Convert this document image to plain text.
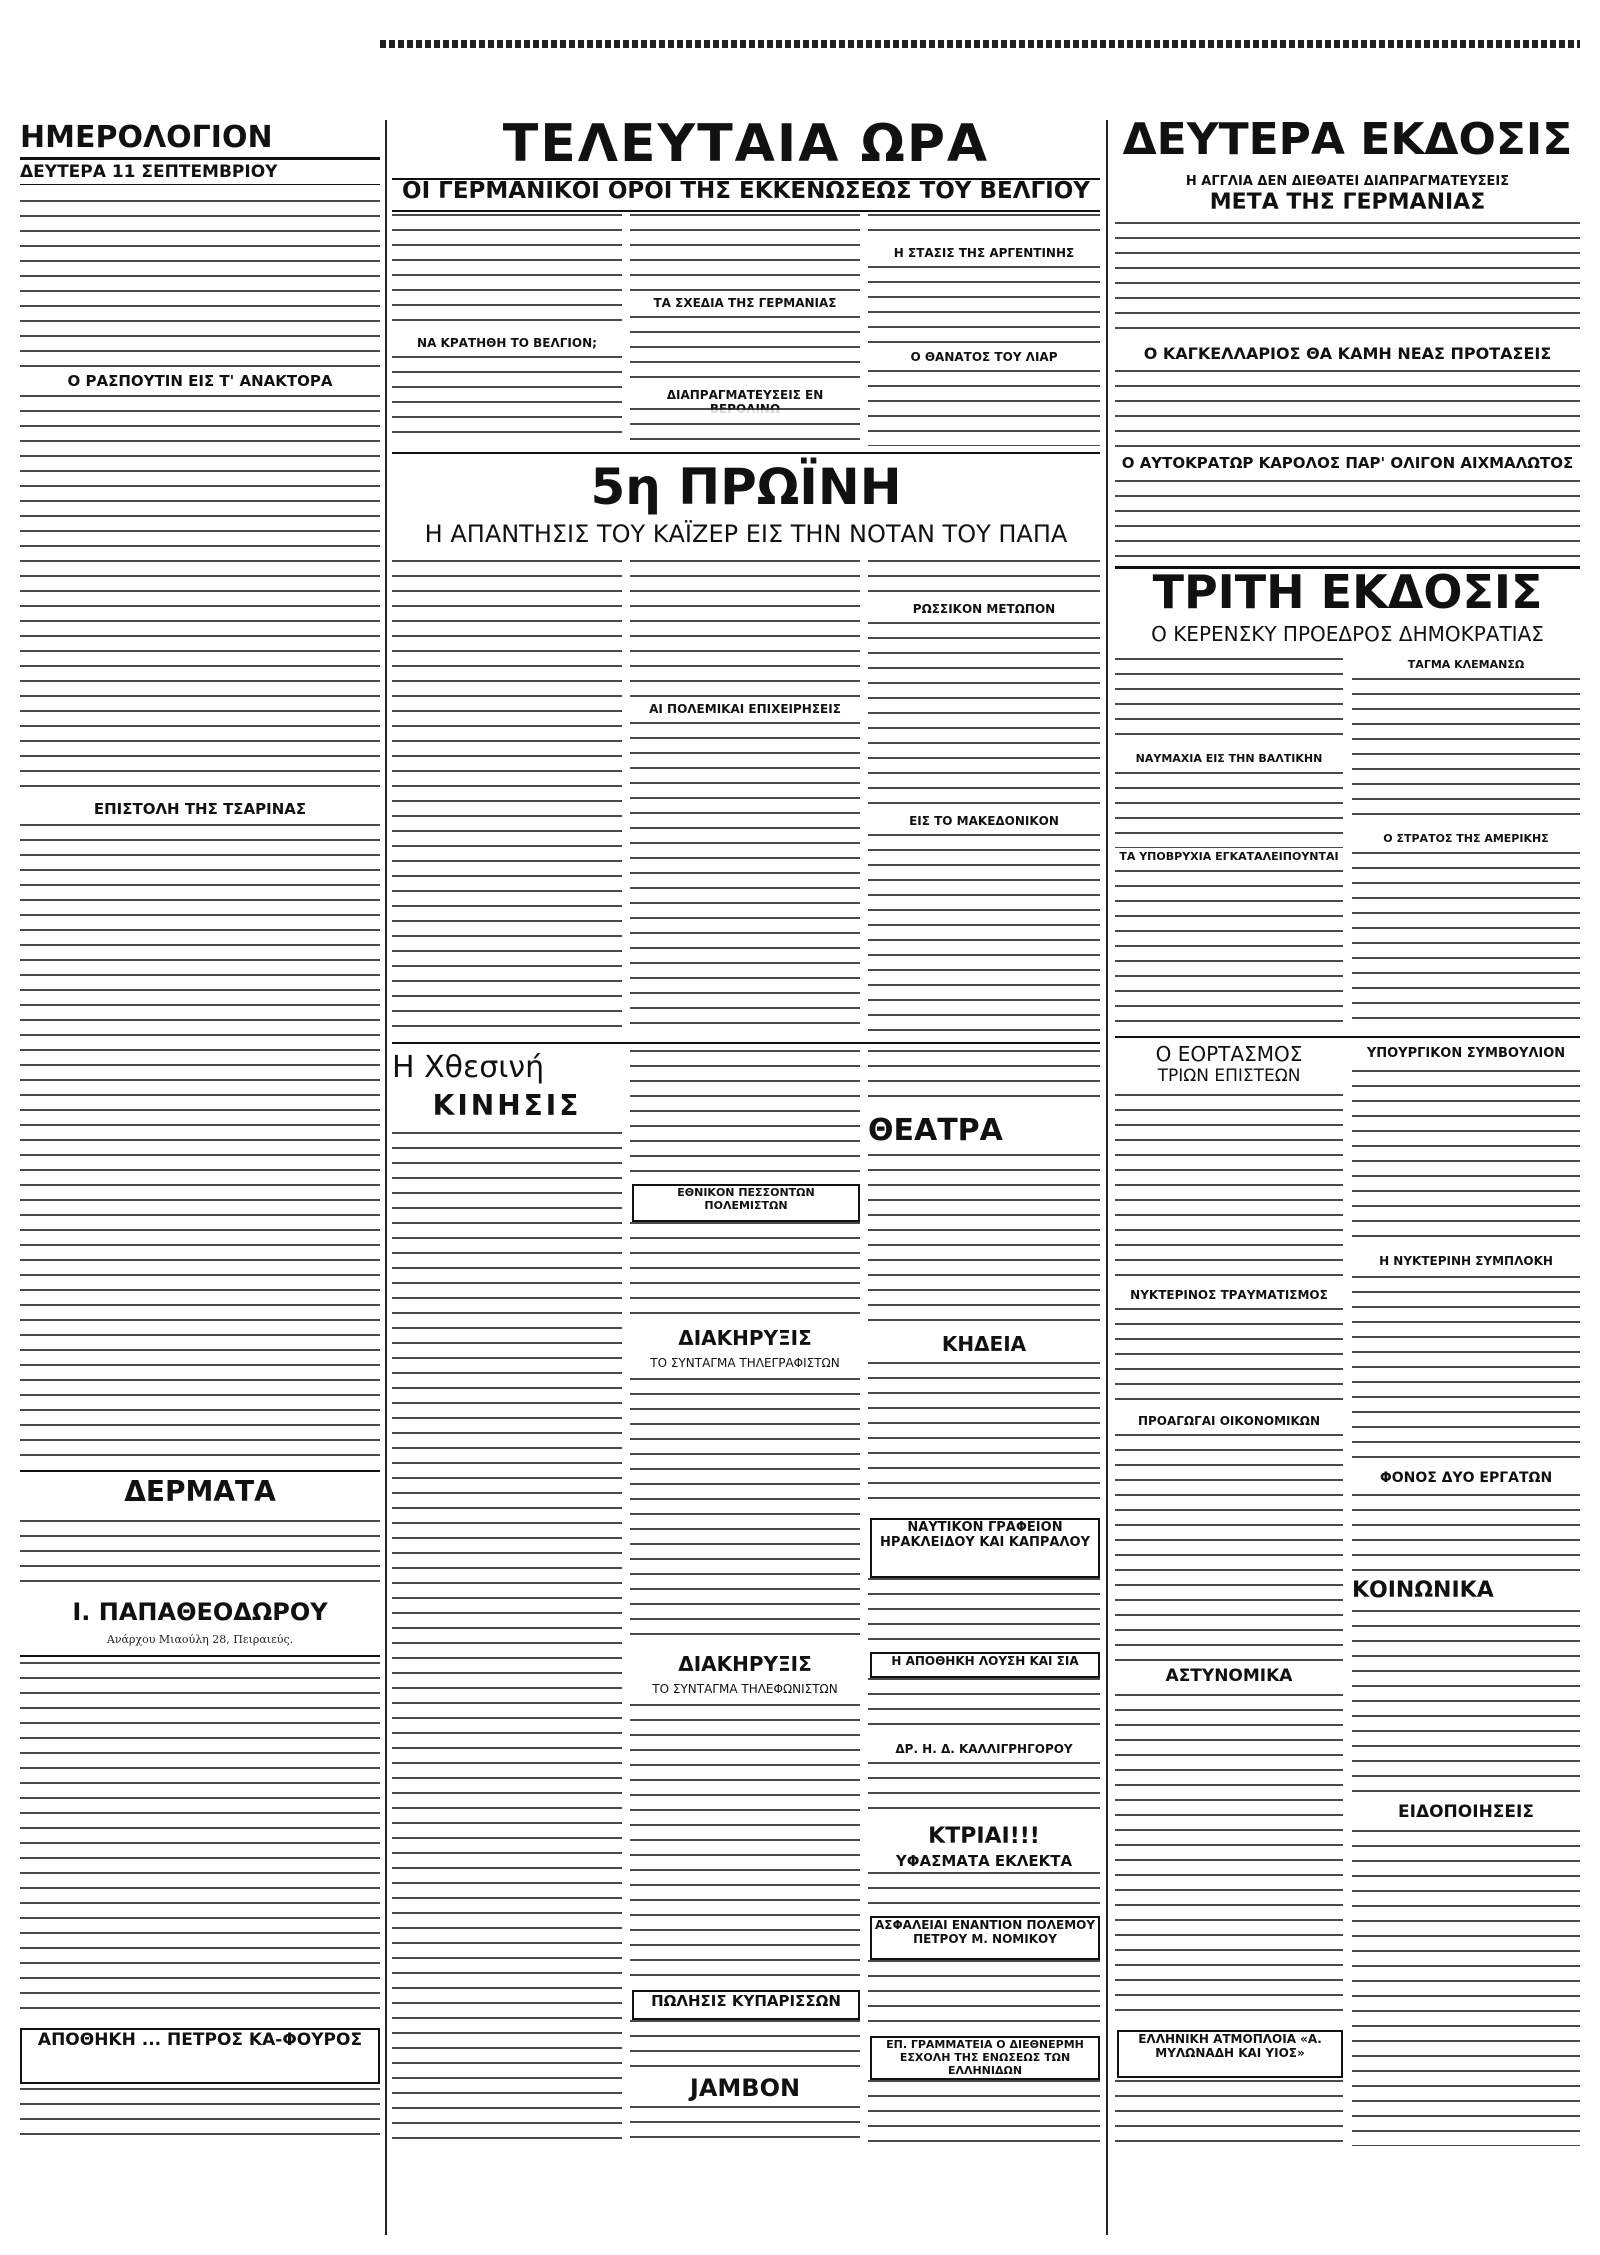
ΗΜΕΡΟΛΟΓΙΟΝ
ΔΕΥΤΕΡΑ 11 ΣΕΠΤΕΜΒΡΙΟΥ
Ο ΡΑΣΠΟΥΤΙΝ ΕΙΣ Τ' ΑΝΑΚΤΟΡΑ
ΕΠΙΣΤΟΛΗ ΤΗΣ ΤΣΑΡΙΝΑΣ
ΔΕΡΜΑΤΑ
Ι. ΠΑΠΑΘΕΟΔΩΡΟΥ
Ανάρχου Μιαούλη 28, Πειραιεύς.
ΑΠΟΘΗΚΗ ... ΠΕΤΡΟΣ ΚΑ-ΦΟΥΡΟΣ
ΤΕΛΕΥΤΑΙΑ ΩΡΑ
ΟΙ ΓΕΡΜΑΝΙΚΟΙ ΟΡΟΙ ΤΗΣ ΕΚΚΕΝΩΣΕΩΣ ΤΟΥ ΒΕΛΓΙΟΥ
ΝΑ ΚΡΑΤΗΘΗ ΤΟ ΒΕΛΓΙΟΝ;
ΤΑ ΣΧΕΔΙΑ ΤΗΣ ΓΕΡΜΑΝΙΑΣ
ΔΙΑΠΡΑΓΜΑΤΕΥΣΕΙΣ ΕΝ
Η ΣΤΑΣΙΣ ΤΗΣ ΑΡΓΕΝΤΙΝΗΣ
Ο ΘΑΝΑΤΟΣ ΤΟΥ ΛΙΑΡ
5η ΠΡΩΪΝΗ
Η ΑΠΑΝΤΗΣΙΣ ΤΟΥ ΚΑΪΖΕΡ ΕΙΣ ΤΗΝ ΝΟΤΑΝ ΤΟΥ ΠΑΠΑ
ΑΙ ΠΟΛΕΜΙΚΑΙ ΕΠΙΧΕΙΡΗΣΕΙΣ
ΡΩΣΣΙΚΟΝ ΜΕΤΩΠΟΝ
ΕΙΣ ΤΟ ΜΑΚΕΔΟΝΙΚΟΝ
Η Χθεσινή
ΚΙΝΗΣΙΣ
ΕΘΝΙΚΟΝ ΠΕΣΣΟΝΤΩΝ ΠΟΛΕΜΙΣΤΩΝ
ΔΙΑΚΗΡΥΞΙΣ
ΤΟ ΣΥΝΤΑΓΜΑ ΤΗΛΕΓΡΑΦΙΣΤΩΝ
ΔΙΑΚΗΡΥΞΙΣ
ΤΟ ΣΥΝΤΑΓΜΑ ΤΗΛΕΦΩΝΙΣΤΩΝ
ΠΩΛΗΣΙΣ ΚΥΠΑΡΙΣΣΩΝ
JAMBON
ΘΕΑΤΡΑ
ΚΗΔΕΙΑ
ΝΑΥΤΙΚΟΝ ΓΡΑΦΕΙΟΝ ΗΡΑΚΛΕΙΔΟΥ ΚΑΙ ΚΑΠΡΑΛΟΥ
Η ΑΠΟΘΗΚΗ ΛΟΥΣΗ ΚΑΙ ΣΙΑ
ΔΡ. Η. Δ. ΚΑΛΛΙΓΡΗΓΟΡΟΥ
ΚΤΡΙΑΙ!!!
ΥΦΑΣΜΑΤΑ ΕΚΛΕΚΤΑ
ΑΣΦΑΛΕΙΑΙ ΕΝΑΝΤΙΟΝ ΠΟΛΕΜΟΥ
ΠΕΤΡΟΥ Μ. ΝΟΜΙΚΟΥ
ΕΠ. ΓΡΑΜΜΑΤΕΙΑ Ο ΔΙΕΘΝΕΡΜΗ ΕΣΧΟΛΗ ΤΗΣ ΕΝΩΣΕΩΣ ΤΩΝ ΕΛΛΗΝΙΔΩΝ
ΔΕΥΤΕΡΑ ΕΚΔΟΣΙΣ
Η ΑΓΓΛΙΑ ΔΕΝ ΔΙΕΘΑΤΕΙ ΔΙΑΠΡΑΓΜΑΤΕΥΣΕΙΣ
ΜΕΤΑ ΤΗΣ ΓΕΡΜΑΝΙΑΣ
Ο ΚΑΓΚΕΛΛΑΡΙΟΣ ΘΑ ΚΑΜΗ ΝΕΑΣ ΠΡΟΤΑΣΕΙΣ
Ο ΑΥΤΟΚΡΑΤΩΡ ΚΑΡΟΛΟΣ ΠΑΡ' ΟΛΙΓΟΝ ΑΙΧΜΑΛΩΤΟΣ
ΤΡΙΤΗ ΕΚΔΟΣΙΣ
Ο ΚΕΡΕΝΣΚΥ ΠΡΟΕΔΡΟΣ ΔΗΜΟΚΡΑΤΙΑΣ
ΝΑΥΜΑΧΙΑ ΕΙΣ ΤΗΝ ΒΑΛΤΙΚΗΝ
ΤΑ ΥΠΟΒΡΥΧΙΑ ΕΓΚΑΤΑΛΕΙΠΟΥΝΤΑΙ
ΤΑΓΜΑ ΚΛΕΜΑΝΣΩ
Ο ΣΤΡΑΤΟΣ ΤΗΣ ΑΜΕΡΙΚΗΣ
Ο ΕΟΡΤΑΣΜΟΣ
ΤΡΙΩΝ ΕΠΙΣΤΕΩΝ
ΝΥΚΤΕΡΙΝΟΣ ΤΡΑΥΜΑΤΙΣΜΟΣ
ΠΡΟΑΓΩΓΑΙ ΟΙΚΟΝΟΜΙΚΩΝ
ΑΣΤΥΝΟΜΙΚΑ
ΕΛΛΗΝΙΚΗ ΑΤΜΟΠΛΟΙΑ «Α. ΜΥΛΩΝΑΔΗ ΚΑΙ ΥΙΟΣ»
ΥΠΟΥΡΓΙΚΟΝ ΣΥΜΒΟΥΛΙΟΝ
Η ΝΥΚΤΕΡΙΝΗ ΣΥΜΠΛΟΚΗ
ΦΟΝΟΣ ΔΥΟ ΕΡΓΑΤΩΝ
ΚΟΙΝΩΝΙΚΑ
ΕΙΔΟΠΟΙΗΣΕΙΣ
